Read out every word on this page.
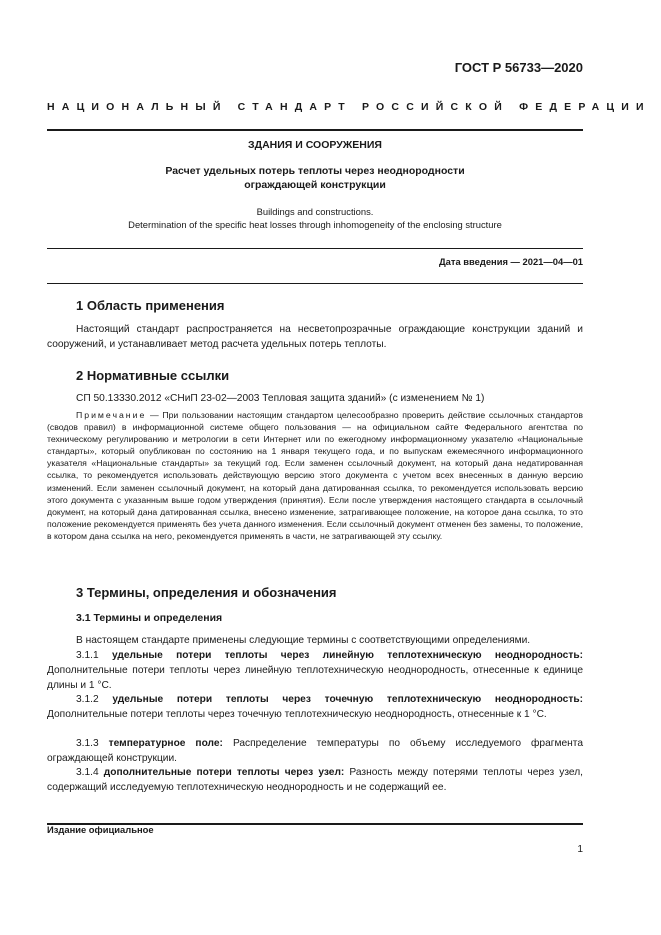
ГОСТ Р 56733—2020
НАЦИОНАЛЬНЫЙ СТАНДАРТ РОССИЙСКОЙ ФЕДЕРАЦИИ
ЗДАНИЯ И СООРУЖЕНИЯ
Расчет удельных потерь теплоты через неоднородности
ограждающей конструкции
Buildings and constructions.
Determination of the specific heat losses through inhomogeneity of the enclosing structure
Дата введения — 2021—04—01
1 Область применения
Настоящий стандарт распространяется на несветопрозрачные ограждающие конструкции зданий и сооружений, и устанавливает метод расчета удельных потерь теплоты.
2 Нормативные ссылки
СП 50.13330.2012 «СНиП 23-02—2003 Тепловая защита зданий» (с изменением № 1)
Примечание — При пользовании настоящим стандартом целесообразно проверить действие ссылочных стандартов (сводов правил) в информационной системе общего пользования — на официальном сайте Федерального агентства по техническому регулированию и метрологии в сети Интернет или по ежегодному информационному указателю «Национальные стандарты», который опубликован по состоянию на 1 января текущего года, и по выпускам ежемесячного информационного указателя «Национальные стандарты» за текущий год. Если заменен ссылочный документ, на который дана недатированная ссылка, то рекомендуется использовать действующую версию этого документа с учетом всех внесенных в данную версию изменений. Если заменен ссылочный документ, на который дана датированная ссылка, то рекомендуется использовать версию этого документа с указанным выше годом утверждения (принятия). Если после утверждения настоящего стандарта в ссылочный документ, на который дана датированная ссылка, внесено изменение, затрагивающее положение, на которое дана ссылка, то это положение рекомендуется применять без учета данного изменения. Если ссылочный документ отменен без замены, то положение, в котором дана ссылка на него, рекомендуется применять в части, не затрагивающей эту ссылку.
3 Термины, определения и обозначения
3.1 Термины и определения
В настоящем стандарте применены следующие термины с соответствующими определениями.
3.1.1 удельные потери теплоты через линейную теплотехническую неоднородность: Дополнительные потери теплоты через линейную теплотехническую неоднородность, отнесенные к единице длины и 1 °С.
3.1.2 удельные потери теплоты через точечную теплотехническую неоднородность: Дополнительные потери теплоты через точечную теплотехническую неоднородность, отнесенные к 1 °С.
3.1.3 температурное поле: Распределение температуры по объему исследуемого фрагмента ограждающей конструкции.
3.1.4 дополнительные потери теплоты через узел: Разность между потерями теплоты через узел, содержащий исследуемую теплотехническую неоднородность и не содержащий ее.
Издание официальное
1
